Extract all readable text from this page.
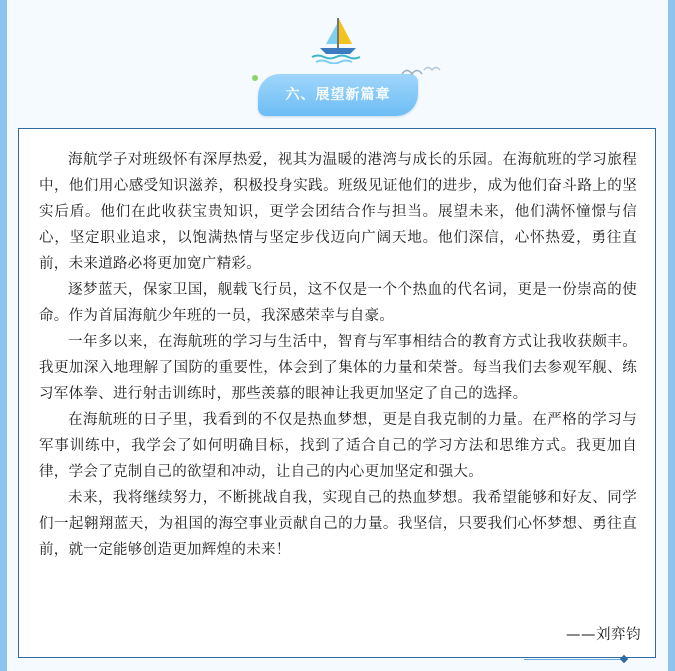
六、展望新篇章

海航学子对班级怀有深厚热爱，视其为温暖的港湾与成长的乐园。在海航班的学习旅程中，他们用心感受知识滋养，积极投身实践。班级见证他们的进步，成为他们奋斗路上的坚实后盾。他们在此收获宝贵知识，更学会团结合作与担当。展望未来，他们满怀憧憬与信心，坚定职业追求，以饱满热情与坚定步伐迈向广阔天地。他们深信，心怀热爱，勇往直前，未来道路必将更加宽广精彩。

逐梦蓝天，保家卫国，舰载飞行员，这不仅是一个个热血的代名词，更是一份崇高的使命。作为首届海航少年班的一员，我深感荣幸与自豪。

一年多以来，在海航班的学习与生活中，智育与军事相结合的教育方式让我收获颇丰。我更加深入地理解了国防的重要性，体会到了集体的力量和荣誉。每当我们去参观军舰、练习军体拳、进行射击训练时，那些羡慕的眼神让我更加坚定了自己的选择。

在海航班的日子里，我看到的不仅是热血梦想，更是自我克制的力量。在严格的学习与军事训练中，我学会了如何明确目标，找到了适合自己的学习方法和思维方式。我更加自律，学会了克制自己的欲望和冲动，让自己的内心更加坚定和强大。

未来，我将继续努力，不断挑战自我，实现自己的热血梦想。我希望能够和好友、同学们一起翱翔蓝天，为祖国的海空事业贡献自己的力量。我坚信，只要我们心怀梦想、勇往直前，就一定能够创造更加辉煌的未来！

——刘弈钧
